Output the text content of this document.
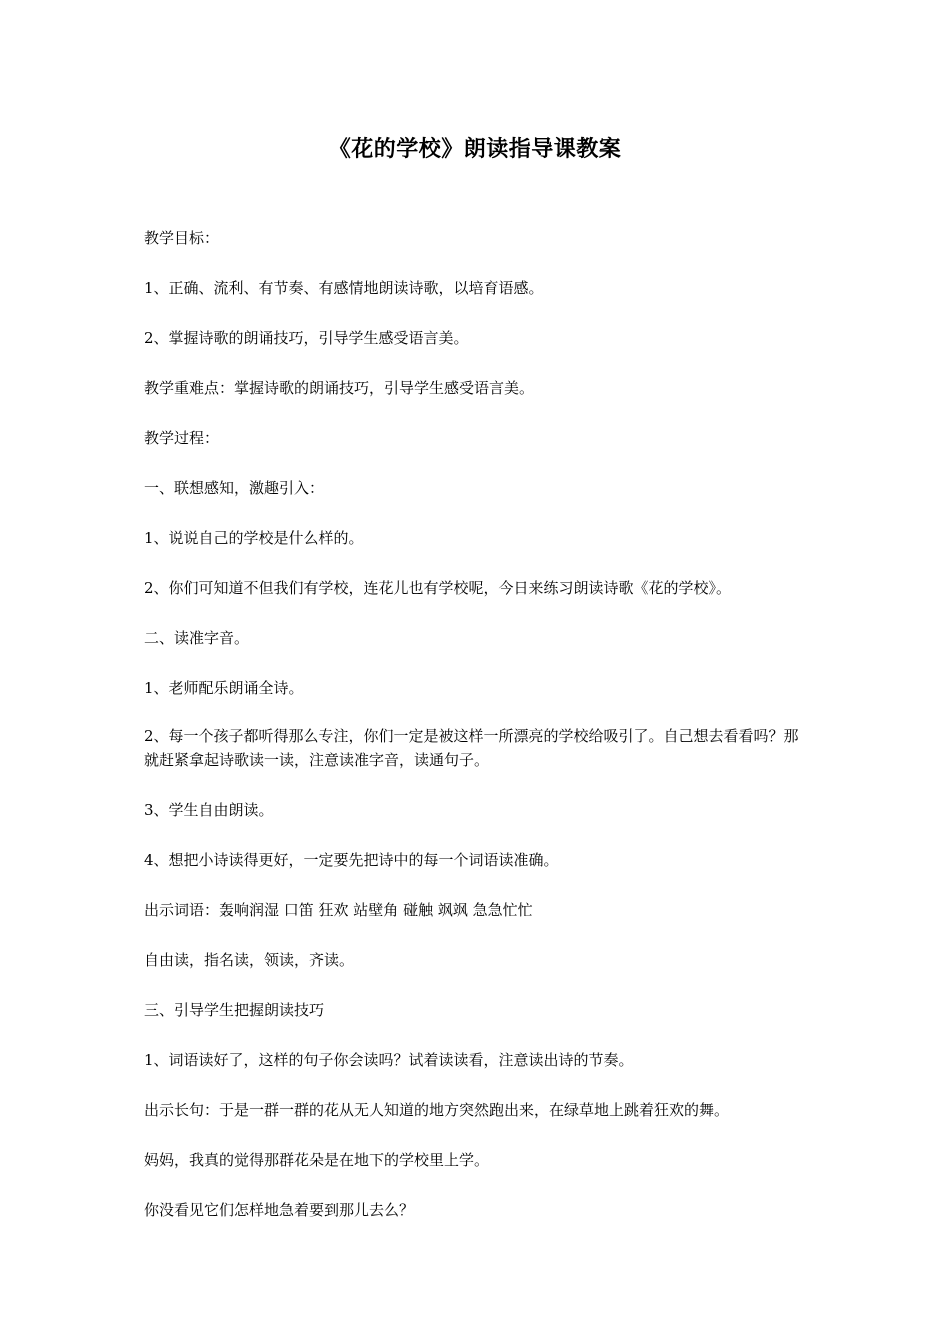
《花的学校》朗读指导课教案
教学目标：
1、正确、流利、有节奏、有感情地朗读诗歌，以培育语感。
2、掌握诗歌的朗诵技巧，引导学生感受语言美。
教学重难点：掌握诗歌的朗诵技巧，引导学生感受语言美。
教学过程：
一、联想感知，激趣引入：
1、说说自己的学校是什么样的。
2、你们可知道不但我们有学校，连花儿也有学校呢，今日来练习朗读诗歌《花的学校》。
二、读准字音。
1、老师配乐朗诵全诗。
2、每一个孩子都听得那么专注，你们一定是被这样一所漂亮的学校给吸引了。自己想去看看吗？那就赶紧拿起诗歌读一读，注意读准字音，读通句子。
3、学生自由朗读。
4、想把小诗读得更好，一定要先把诗中的每一个词语读准确。
出示词语：轰响润湿 口笛 狂欢 站壁角 碰触 飒飒 急急忙忙
自由读，指名读，领读，齐读。
三、引导学生把握朗读技巧
1、词语读好了，这样的句子你会读吗？试着读读看，注意读出诗的节奏。
出示长句：于是一群一群的花从无人知道的地方突然跑出来，在绿草地上跳着狂欢的舞。
妈妈，我真的觉得那群花朵是在地下的学校里上学。
你没看见它们怎样地急着要到那儿去么？
